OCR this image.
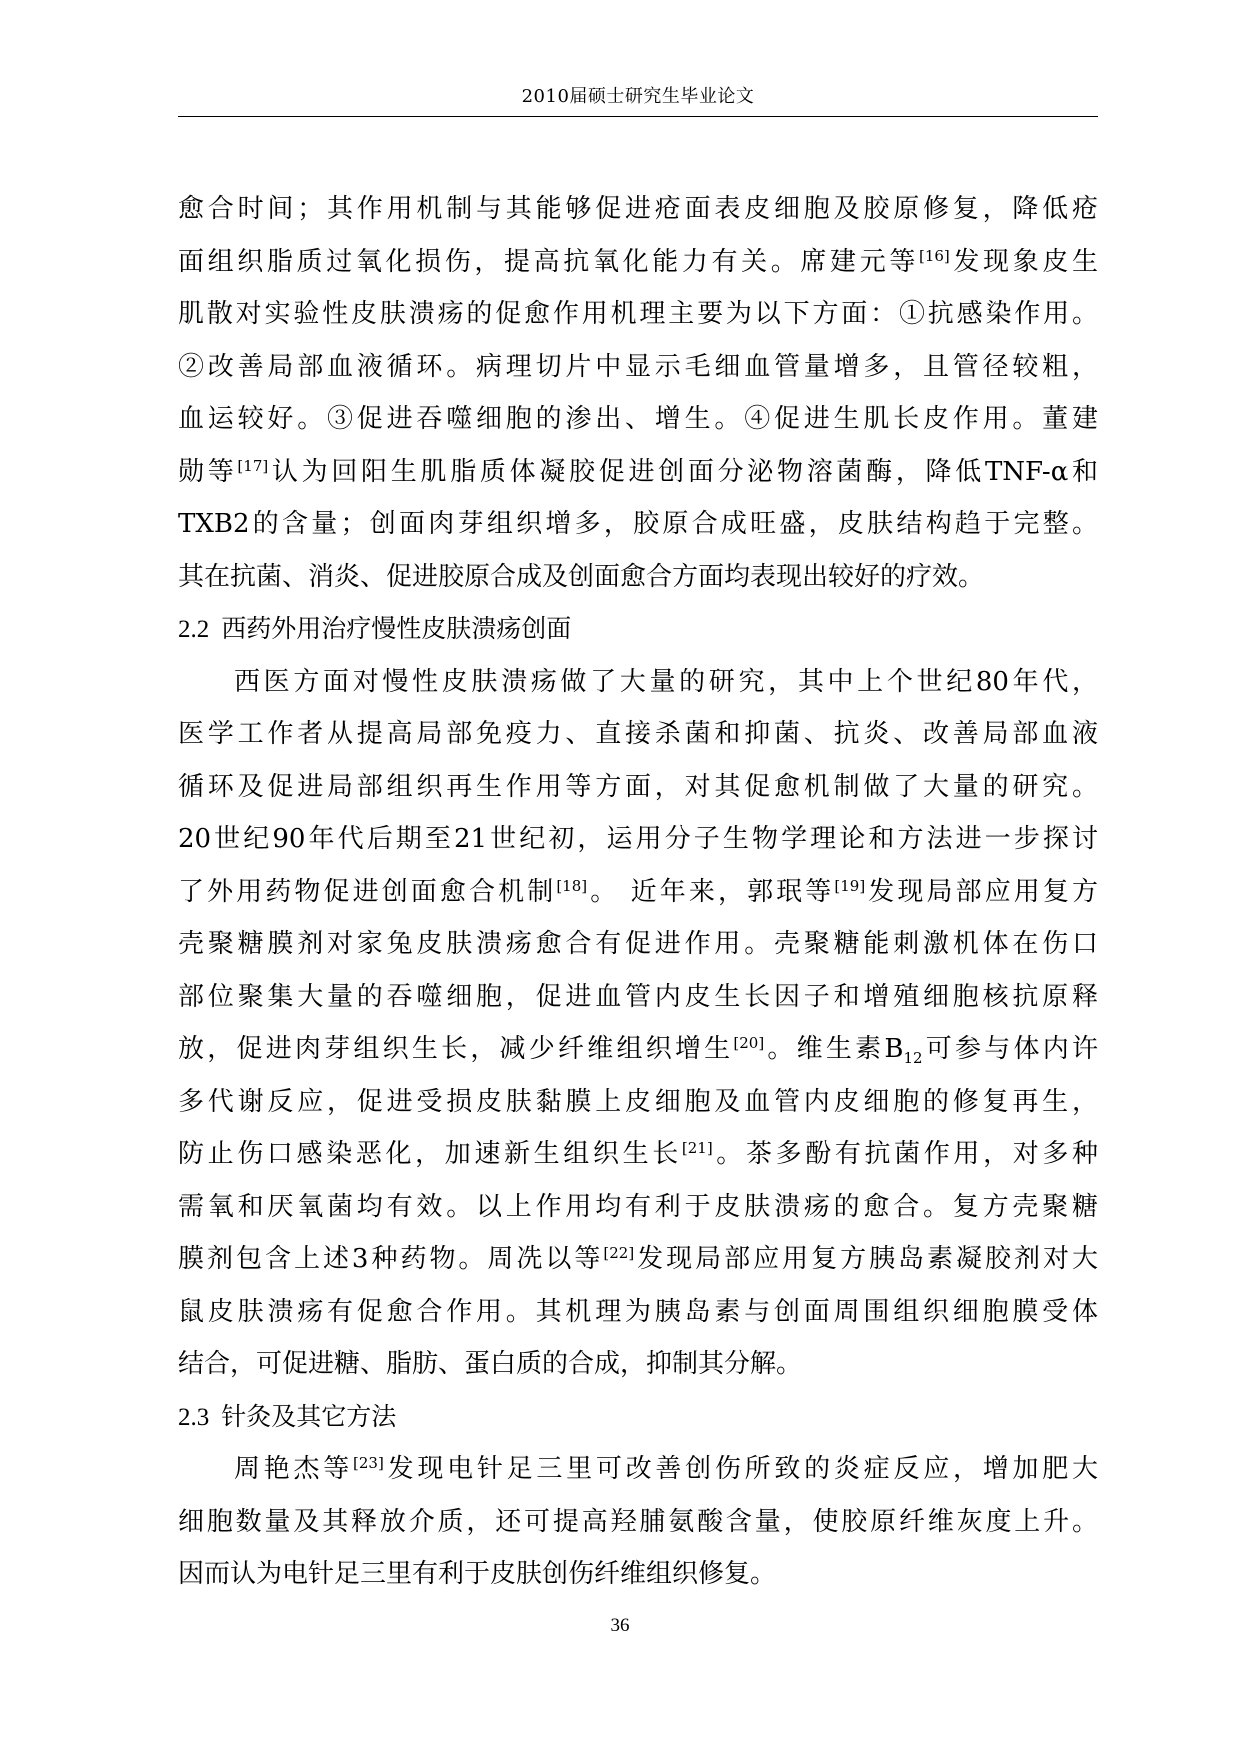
2010届硕士研究生毕业论文
愈合时间；其作用机制与其能够促进疮面表皮细胞及胶原修复，降低疮
面组织脂质过氧化损伤，提高抗氧化能力有关。席建元等[16]发现象皮生
肌散对实验性皮肤溃疡的促愈作用机理主要为以下方面：①抗感染作用。
②改善局部血液循环。病理切片中显示毛细血管量增多，且管径较粗，
血运较好。③促进吞噬细胞的渗出、增生。④促进生肌长皮作用。董建
勋等[17]认为回阳生肌脂质体凝胶促进创面分泌物溶菌酶，降低TNF-α和
TXB2的含量；创面肉芽组织增多，胶原合成旺盛，皮肤结构趋于完整。
其在抗菌、消炎、促进胶原合成及创面愈合方面均表现出较好的疗效。
2.2 西药外用治疗慢性皮肤溃疡创面
西医方面对慢性皮肤溃疡做了大量的研究，其中上个世纪80年代，
医学工作者从提高局部免疫力、直接杀菌和抑菌、抗炎、改善局部血液
循环及促进局部组织再生作用等方面，对其促愈机制做了大量的研究。
20世纪90年代后期至21世纪初，运用分子生物学理论和方法进一步探讨
了外用药物促进创面愈合机制[18]。 近年来，郭珉等[19]发现局部应用复方
壳聚糖膜剂对家兔皮肤溃疡愈合有促进作用。壳聚糖能刺激机体在伤口
部位聚集大量的吞噬细胞，促进血管内皮生长因子和增殖细胞核抗原释
放，促进肉芽组织生长，减少纤维组织增生[20]。维生素$B_{12}$可参与体内许
多代谢反应，促进受损皮肤黏膜上皮细胞及血管内皮细胞的修复再生，
防止伤口感染恶化，加速新生组织生长[21]。茶多酚有抗菌作用，对多种
需氧和厌氧菌均有效。以上作用均有利于皮肤溃疡的愈合。复方壳聚糖
膜剂包含上述3种药物。周冼以等[22]发现局部应用复方胰岛素凝胶剂对大
鼠皮肤溃疡有促愈合作用。其机理为胰岛素与创面周围组织细胞膜受体
结合，可促进糖、脂肪、蛋白质的合成，抑制其分解。
2.3 针灸及其它方法
周艳杰等[23]发现电针足三里可改善创伤所致的炎症反应，增加肥大
细胞数量及其释放介质，还可提高羟脯氨酸含量，使胶原纤维灰度上升。
因而认为电针足三里有利于皮肤创伤纤维组织修复。
36
